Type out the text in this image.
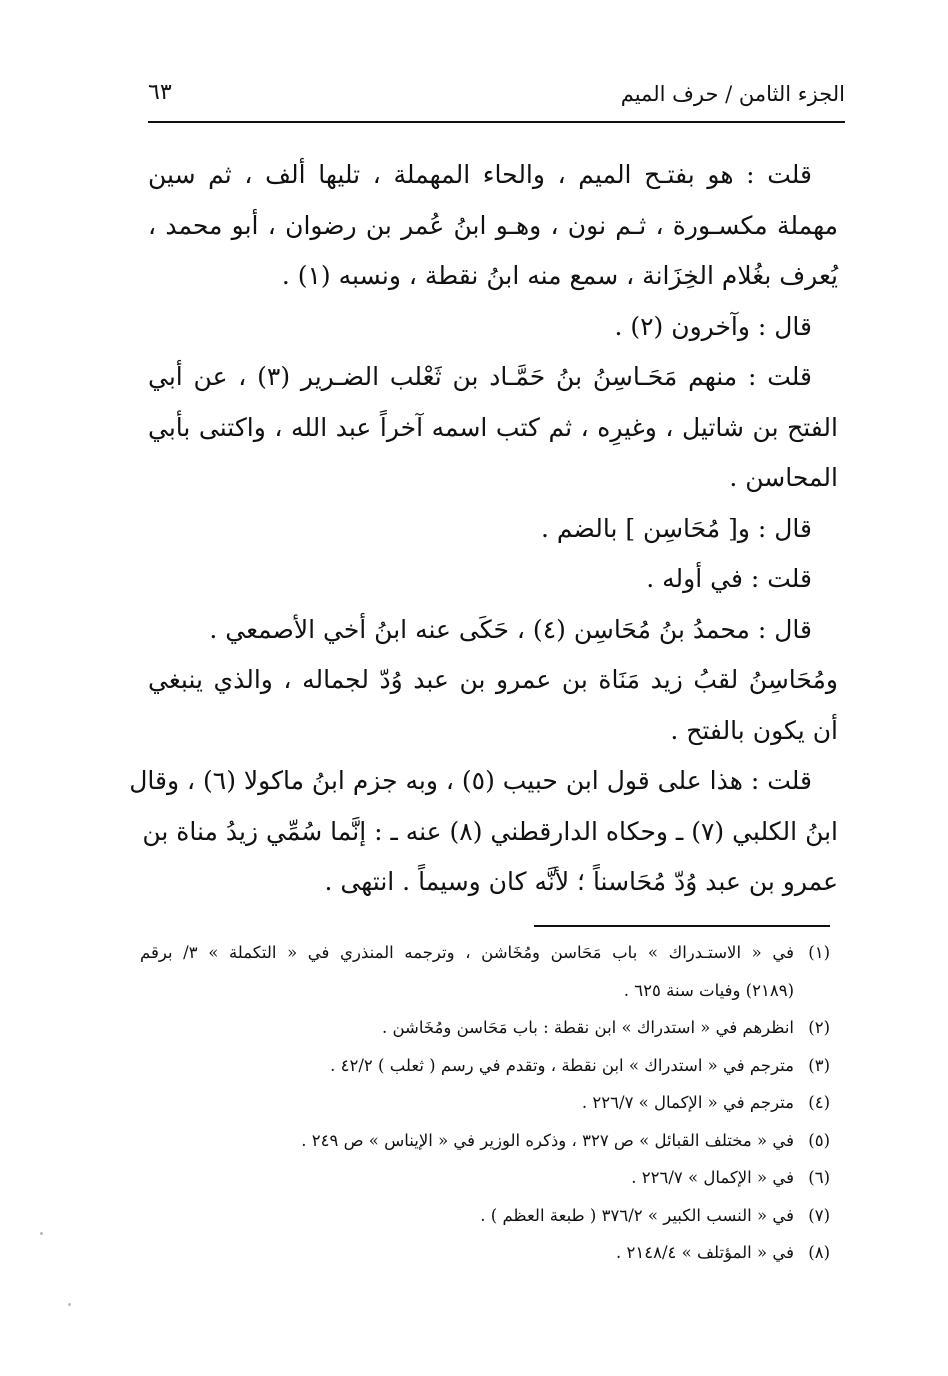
الجزء الثامن / حرف الميم
٦٣
قلت : هو بفتـح الميم ، والحاء المهملة ، تليها ألف ، ثم سين
مهملة مكسـورة ، ثـم نون ، وهـو ابنُ عُمر بن رضوان ، أبو محمد ،
يُعرف بغُلام الخِزَانة ، سمع منه ابنُ نقطة ، ونسبه (١) .
قال : وآخرون (٢) .
قلت : منهم مَحَـاسِنُ بنُ حَمَّـاد بن ثَعْلب الضـرير (٣) ، عن أبي
الفتح بن شاتيل ، وغيرِه ، ثم كتب اسمه آخراً عبد الله ، واكتنى بأبي
المحاسن .
قال : و[ مُحَاسِن ] بالضم .
قلت : في أوله .
قال : محمدُ بنُ مُحَاسِن (٤) ، حَكَى عنه ابنُ أخي الأصمعي .
ومُحَاسِنُ لقبُ زيد مَنَاة بن عمرو بن عبد وُدّ لجماله ، والذي ينبغي
أن يكون بالفتح .
قلت : هذا على قول ابن حبيب (٥) ، وبه جزم ابنُ ماكولا (٦) ، وقال
ابنُ الكلبي (٧) ـ وحكاه الدارقطني (٨) عنه ـ : إنَّما سُمِّي زيدُ مناة بن
عمرو بن عبد وُدّ مُحَاسناً ؛ لأنَّه كان وسيماً . انتهى .
(١)في « الاستـدراك » باب مَحَاسن ومُخَاشن ، وترجمه المنذري في « التكملة » ٣/ برقم
(٢١٨٩) وفيات سنة ٦٢٥ .
(٢)انظرهم في « استدراك » ابن نقطة : باب مَحَاسن ومُخَاشن .
(٣)مترجم في « استدراك » ابن نقطة ، وتقدم في رسم ( ثعلب ) ٤٢/٢ .
(٤)مترجم في « الإكمال » ٢٢٦/٧ .
(٥)في « مختلف القبائل » ص ٣٢٧ ، وذكره الوزير في « الإيناس » ص ٢٤٩ .
(٦)في « الإكمال » ٢٢٦/٧ .
(٧)في « النسب الكبير » ٣٧٦/٢ ( طبعة العظم ) .
(٨)في « المؤتلف » ٢١٤٨/٤ .
